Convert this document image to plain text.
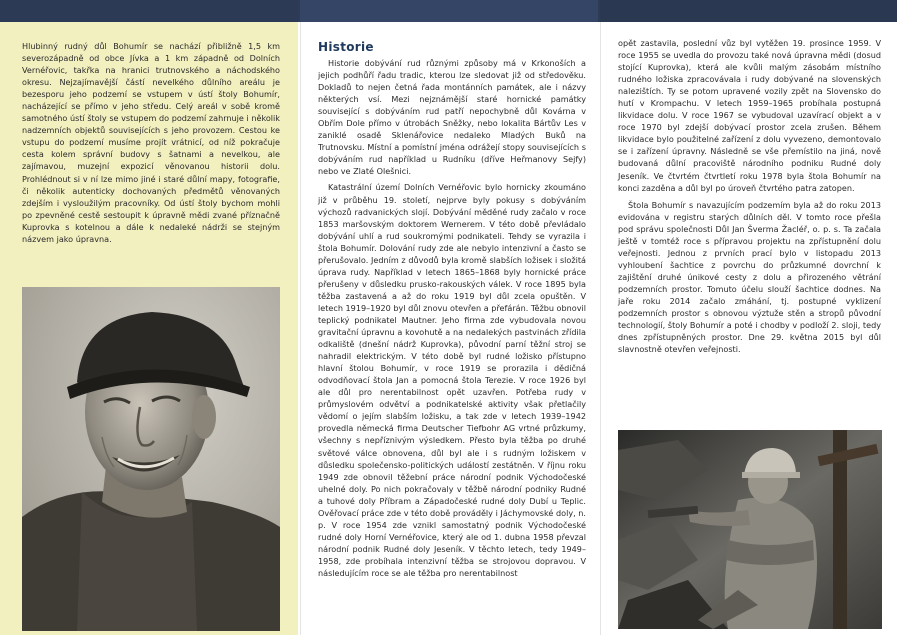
Hlubinný rudný důl Bohumír se nachází přibližně 1,5 km severozápadně od obce Jívka a 1 km západně od Dolních Vernéřovic, takřka na hranici trutnovského a náchodského okresu. Nejzajímavější částí nevelkého důlního areálu je bezesporu jeho podzemí se vstupem v ústí štoly Bohumír, nacházející se přímo v jeho středu. Celý areál v sobě kromě samotného ústí štoly se vstupem do podzemí zahrnuje i několik nadzemních objektů souvisejících s jeho provozem. Cestou ke vstupu do podzemí musíme projít vrátnicí, od níž pokračuje cesta kolem správní budovy s šatnami a nevelkou, ale zajímavou, muzejní expozicí věnovanou historii dolu. Prohlédnout si v ní lze mimo jiné i staré důlní mapy, fotografie, či několik autenticky dochovaných předmětů věnovaných zdejším i vysloužilým pracovníky. Od ústí štoly bychom mohli po zpevněné cestě sestoupit k úpravně mědi zvané příznačně Kuprovka s kotelnou a dále k nedaleké nádrži se stejným názvem jako úpravna.

Historie

Historie dobývání rud různými způsoby má v Krkonoších a jejich podhůří řadu tradic, kterou lze sledovat již od středověku. Dokladů to nejen četná řada montánních památek, ale i názvy některých vsí. Mezi nejznámější staré hornické památky související s dobýváním rud patří nepochybně důl Kovárna v Obřím Dole přímo v útrobách Sněžky, nebo lokalita Bártův Les v zaniklé osadě Sklenářovice nedaleko Mladých Buků na Trutnovsku. Místní a pomístní jména odrážejí stopy souvisejících s dobýváním rud například u Rudníku (dříve Heřmanovy Sejfy) nebo ve Zlaté Olešnici.

Katastrální území Dolních Vernéřovic bylo hornicky zkoumáno již v průběhu 19. století, nejprve byly pokusy s dobýváním výchozů radvanických slojí. Dobývání měděné rudy začalo v roce 1853 maršovským doktorem Wernerem. V této době převládalo dobývání uhlí a rud soukromými podnikateli. Tehdy se vyrazila i štola Bohumír. Dolování rudy zde ale nebylo intenzivní a často se přerušovalo. Jedním z důvodů byla kromě slabších ložisek i složitá úprava rudy. Například v letech 1865–1868 byly hornické práce přerušeny v důsledku prusko-rakouských válek. V roce 1895 byla těžba zastavená a až do roku 1919 byl důl zcela opuštěn. V letech 1919–1920 byl důl znovu otevřen a přefárán. Těžbu obnovil teplický podnikatel Mautner. Jeho firma zde vybudovala novou gravitační úpravnu a kovohutě a na nedalekých pastvinách zřídila odkaliště (dnešní nádrž Kuprovka), původní parní těžní stroj se nahradil elektrickým. V této době byl rudné ložisko přístupno hlavní štolou Bohumír, v roce 1919 se prorazila i dědičná odvodňovací štola Jan a pomocná štola Terezie. V roce 1926 byl ale důl pro nerentabilnost opět uzavřen. Potřeba rudy v průmyslovém odvětví a podnikatelské aktivity však přetlačily vědomí o jejím slabším ložisku, a tak zde v letech 1939–1942 provedla německá firma Deutscher Tiefbohr AG vrtné průzkumy, všechny s nepříznivým výsledkem. Přesto byla těžba po druhé světové válce obnovena, důl byl ale i s rudným ložiskem v důsledku společensko-politických událostí zestátněn. V říjnu roku 1949 zde obnovil těžební práce národní podnik Východočeské uhelné doly. Po nich pokračovaly v těžbě národní podniky Rudné a tuhové doly Příbram a Západočeské rudné doly Dubí u Teplic. Ověřovací práce zde v této době prováděly i Jáchymovské doly, n. p. V roce 1954 zde vznikl samostatný podnik Východočeské rudné doly Horní Vernéřovice, který ale od 1. dubna 1958 převzal národní podnik Rudné doly Jeseník. V těchto letech, tedy 1949–1958, zde probíhala intenzivní těžba se strojovou dopravou. V následujícím roce se ale těžba pro nerentabilnost

opět zastavila, poslední vůz byl vytěžen 19. prosince 1959. V roce 1955 se uvedla do provozu také nová úpravna mědi (dosud stojící Kuprovka), která ale kvůli malým zásobám místního rudného ložiska zpracovávala i rudy dobývané na slovenských nalezištích. Ty se potom upravené vozily zpět na Slovensko do hutí v Krompachu. V letech 1959–1965 probíhala postupná likvidace dolu. V roce 1967 se vybudoval uzavírací objekt a v roce 1970 byl zdejší dobývací prostor zcela zrušen. Během likvidace bylo použitelné zařízení z dolu vyvezeno, demontovalo se i zařízení úpravny. Následně se vše přemístilo na jiná, nově budovaná důlní pracoviště národního podniku Rudné doly Jeseník. Ve čtvrtém čtvrtletí roku 1978 byla štola Bohumír na konci zazděna a důl byl po úroveň čtvrtého patra zatopen.

Štola Bohumír s navazujícím podzemím byla až do roku 2013 evidována v registru starých důlních děl. V tomto roce přešla pod správu společnosti Důl Jan Šverma Žacléř, o. p. s. Ta začala ještě v tomtéž roce s přípravou projektu na zpřístupnění dolu veřejnosti. Jednou z prvních prací bylo v listopadu 2013 vyhloubení šachtice z povrchu do průzkumné dovrchní k zajištění druhé únikové cesty z dolu a přirozeného větrání podzemních prostor. Tomuto účelu slouží šachtice dodnes. Na jaře roku 2014 začalo zmáhání, tj. postupné vyklizení podzemních prostor s obnovou výztuže stěn a stropů původní technologií, štoly Bohumír a poté i chodby v podloží 2. sloji, tedy dnes zpřístupněných prostor. Dne 29. května 2015 byl důl slavnostně otevřen veřejnosti.
